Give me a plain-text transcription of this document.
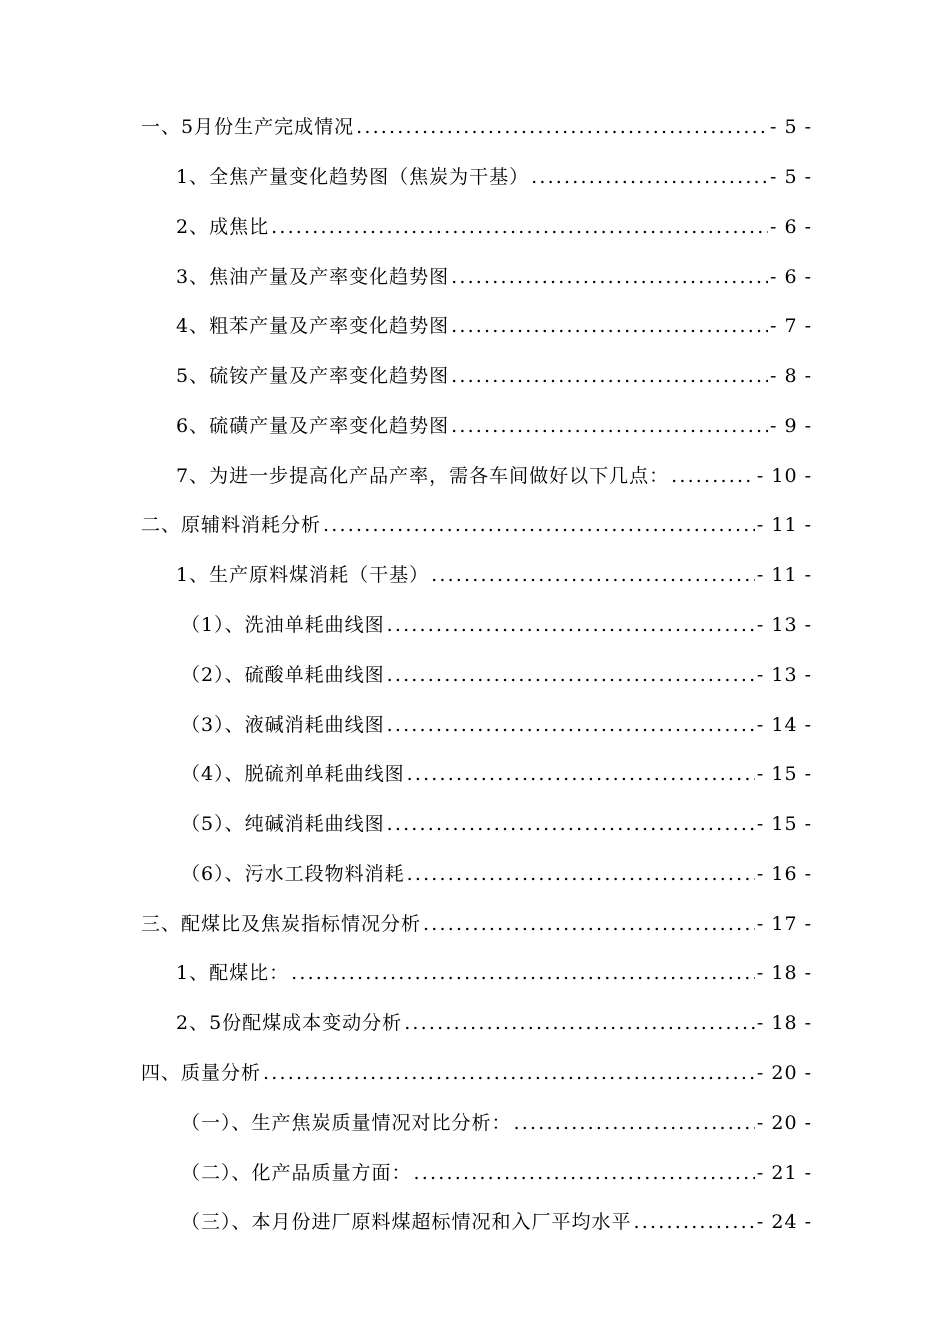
一、5月份生产完成情况 .....	- 5 -
1、全焦产量变化趋势图（焦炭为干基） .....	- 5 -
2、成焦比 .....	- 6 -
3、焦油产量及产率变化趋势图 .....	- 6 -
4、粗苯产量及产率变化趋势图 .....	- 7 -
5、硫铵产量及产率变化趋势图 .....	- 8 -
6、硫磺产量及产率变化趋势图 .....	- 9 -
7、为进一步提高化产品产率，需各车间做好以下几点： .....	- 10 -
二、原辅料消耗分析 .....	- 11 -
1、生产原料煤消耗（干基） .....	- 11 -
（1）、洗油单耗曲线图 .....	- 13 -
（2）、硫酸单耗曲线图 .....	- 13 -
（3）、液碱消耗曲线图 .....	- 14 -
（4）、脱硫剂单耗曲线图 .....	- 15 -
（5）、纯碱消耗曲线图 .....	- 15 -
（6）、污水工段物料消耗 .....	- 16 -
三、配煤比及焦炭指标情况分析 .....	- 17 -
1、配煤比： .....	- 18 -
2、5份配煤成本变动分析 .....	- 18 -
四、质量分析 .....	- 20 -
（一）、生产焦炭质量情况对比分析： .....	- 20 -
（二）、化产品质量方面： .....	- 21 -
（三）、本月份进厂原料煤超标情况和入厂平均水平 .....	- 24 -
